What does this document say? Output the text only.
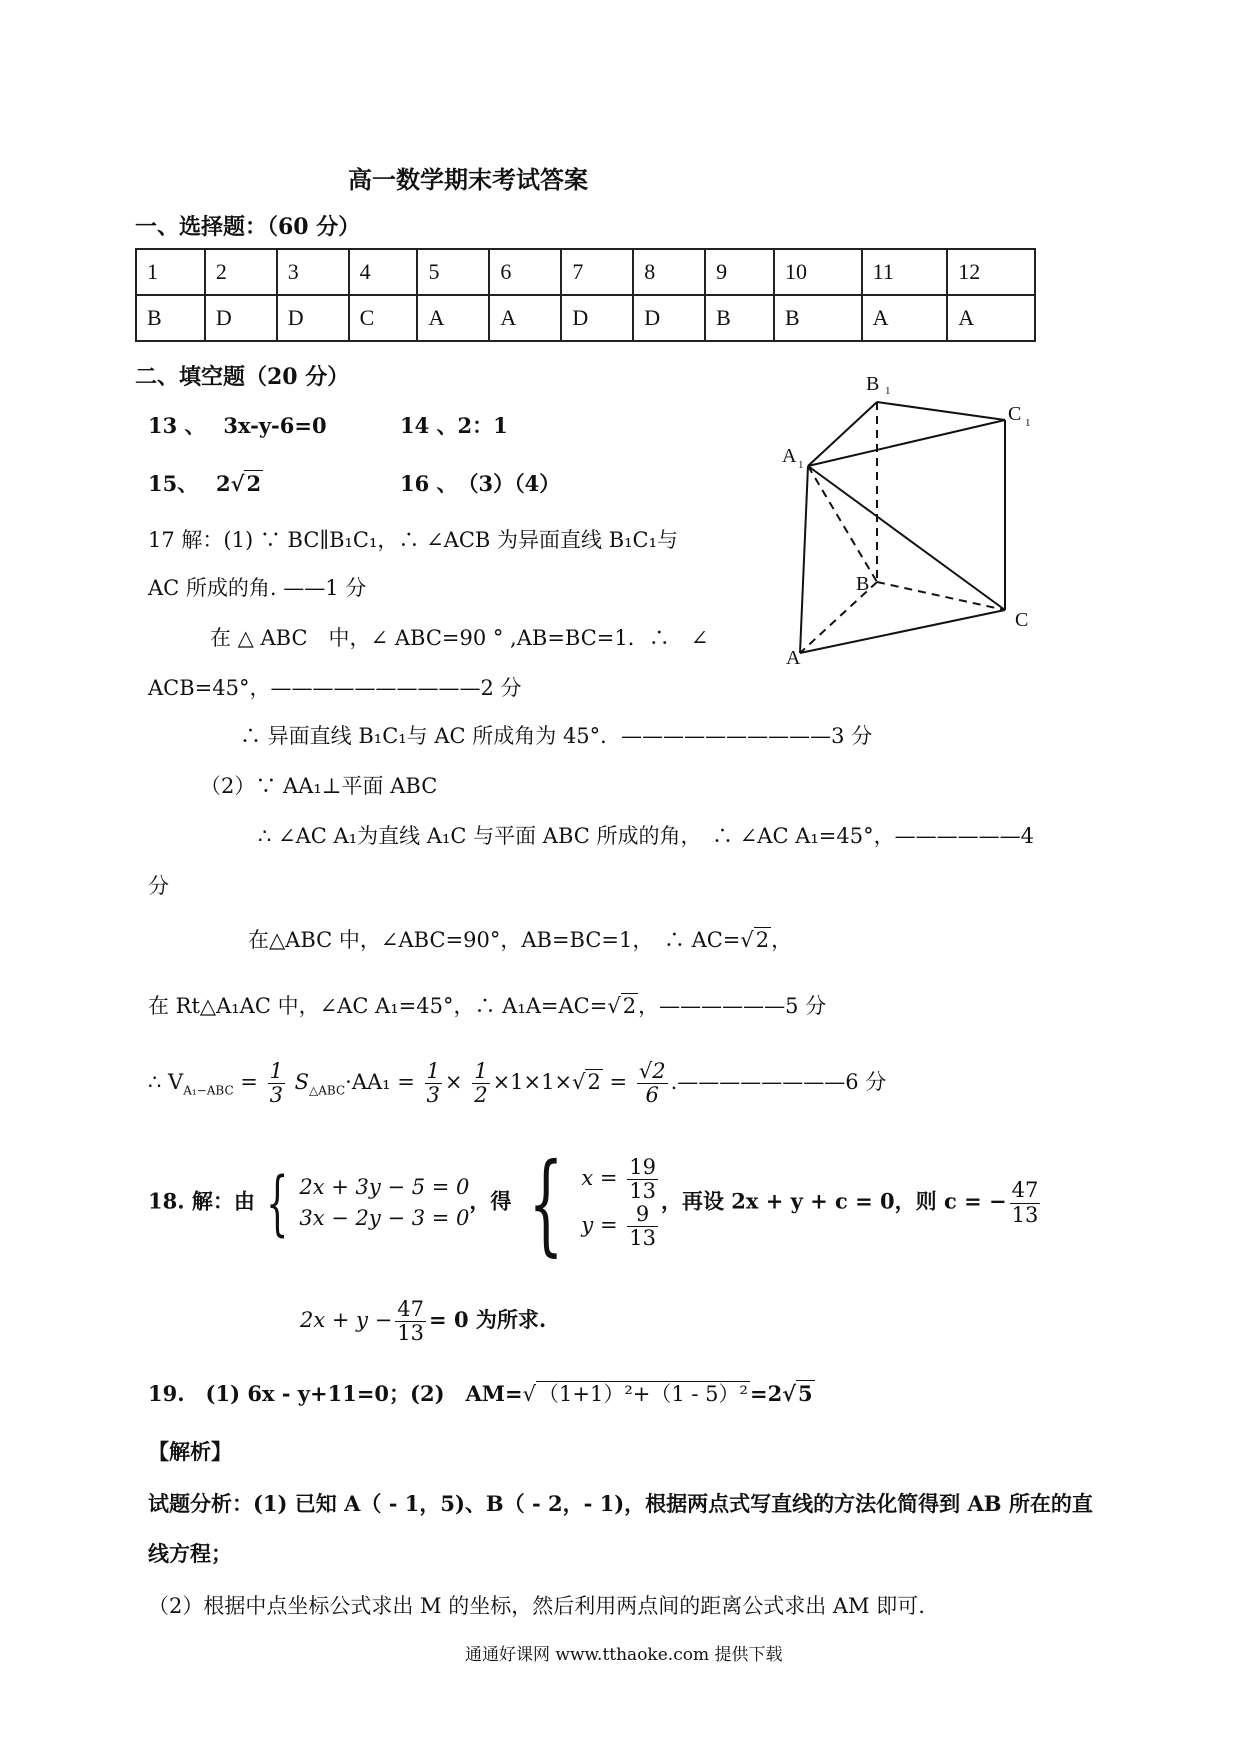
高一数学期末考试答案
一、选择题：（60 分）
1	2	3	4	5	6	7	8	9	10	11	12
B	D	D	C	A	A	D	D	B	B	A	A
二、填空题（20 分）
13 、　 3x-y-6=0	14 、2：1
15、　 2√2	16 、　（3）（4）
17 解：(1) ∵ BC∥B₁C₁，∴ ∠ACB 为异面直线 B₁C₁与
AC 所成的角. ——1 分
在 △ ABC　中，∠ ABC=90 ° ,AB=BC=1．∴　∠
ACB=45°，——————————2 分
∴ 异面直线 B₁C₁与 AC 所成角为 45°．——————————3 分
（2）∵ AA₁⊥平面 ABC
∴ ∠AC A₁为直线 A₁C 与平面 ABC 所成的角，　∴ ∠AC A₁=45°，——————4
分
在△ABC 中，∠ABC=90°，AB=BC=1，　∴ AC=√2，
在 Rt△A₁AC 中，∠AC A₁=45°，∴ A₁A=AC=√2，——————5 分
∴ $V_{A_1-ABC} = \frac{1}{3} S_{\triangle ABC}\cdot AA_1 = \frac{1}{3} \times \frac{1}{2} \times 1\times 1\times√2 = \frac{√2}{6}$ .————————6 分
18. 解：由 { 2x + 3y − 5 = 0
3x − 2y − 3 = 0，得 { $x = \frac{19}{13}$

$y = \frac{9}{13}$
，再设 2x + y + c = 0，则 c = − $\frac{47}{13}$
$2x + y - \frac{47}{13} = 0$ 为所求.
19.　(1) 6x - y+11=0；(2)　AM=√（1+1）²+（1 - 5）²=2√5
【解析】
试题分析：(1) 已知 A（ - 1，5)、B（ - 2，- 1)，根据两点式写直线的方法化简得到 AB 所在的直
线方程；
（2）根据中点坐标公式求出 M 的坐标，然后利用两点间的距离公式求出 AM 即可.
B 1
C 1
A 1
B
C
A
通通好课网 www.tthaoke.com 提供下载
